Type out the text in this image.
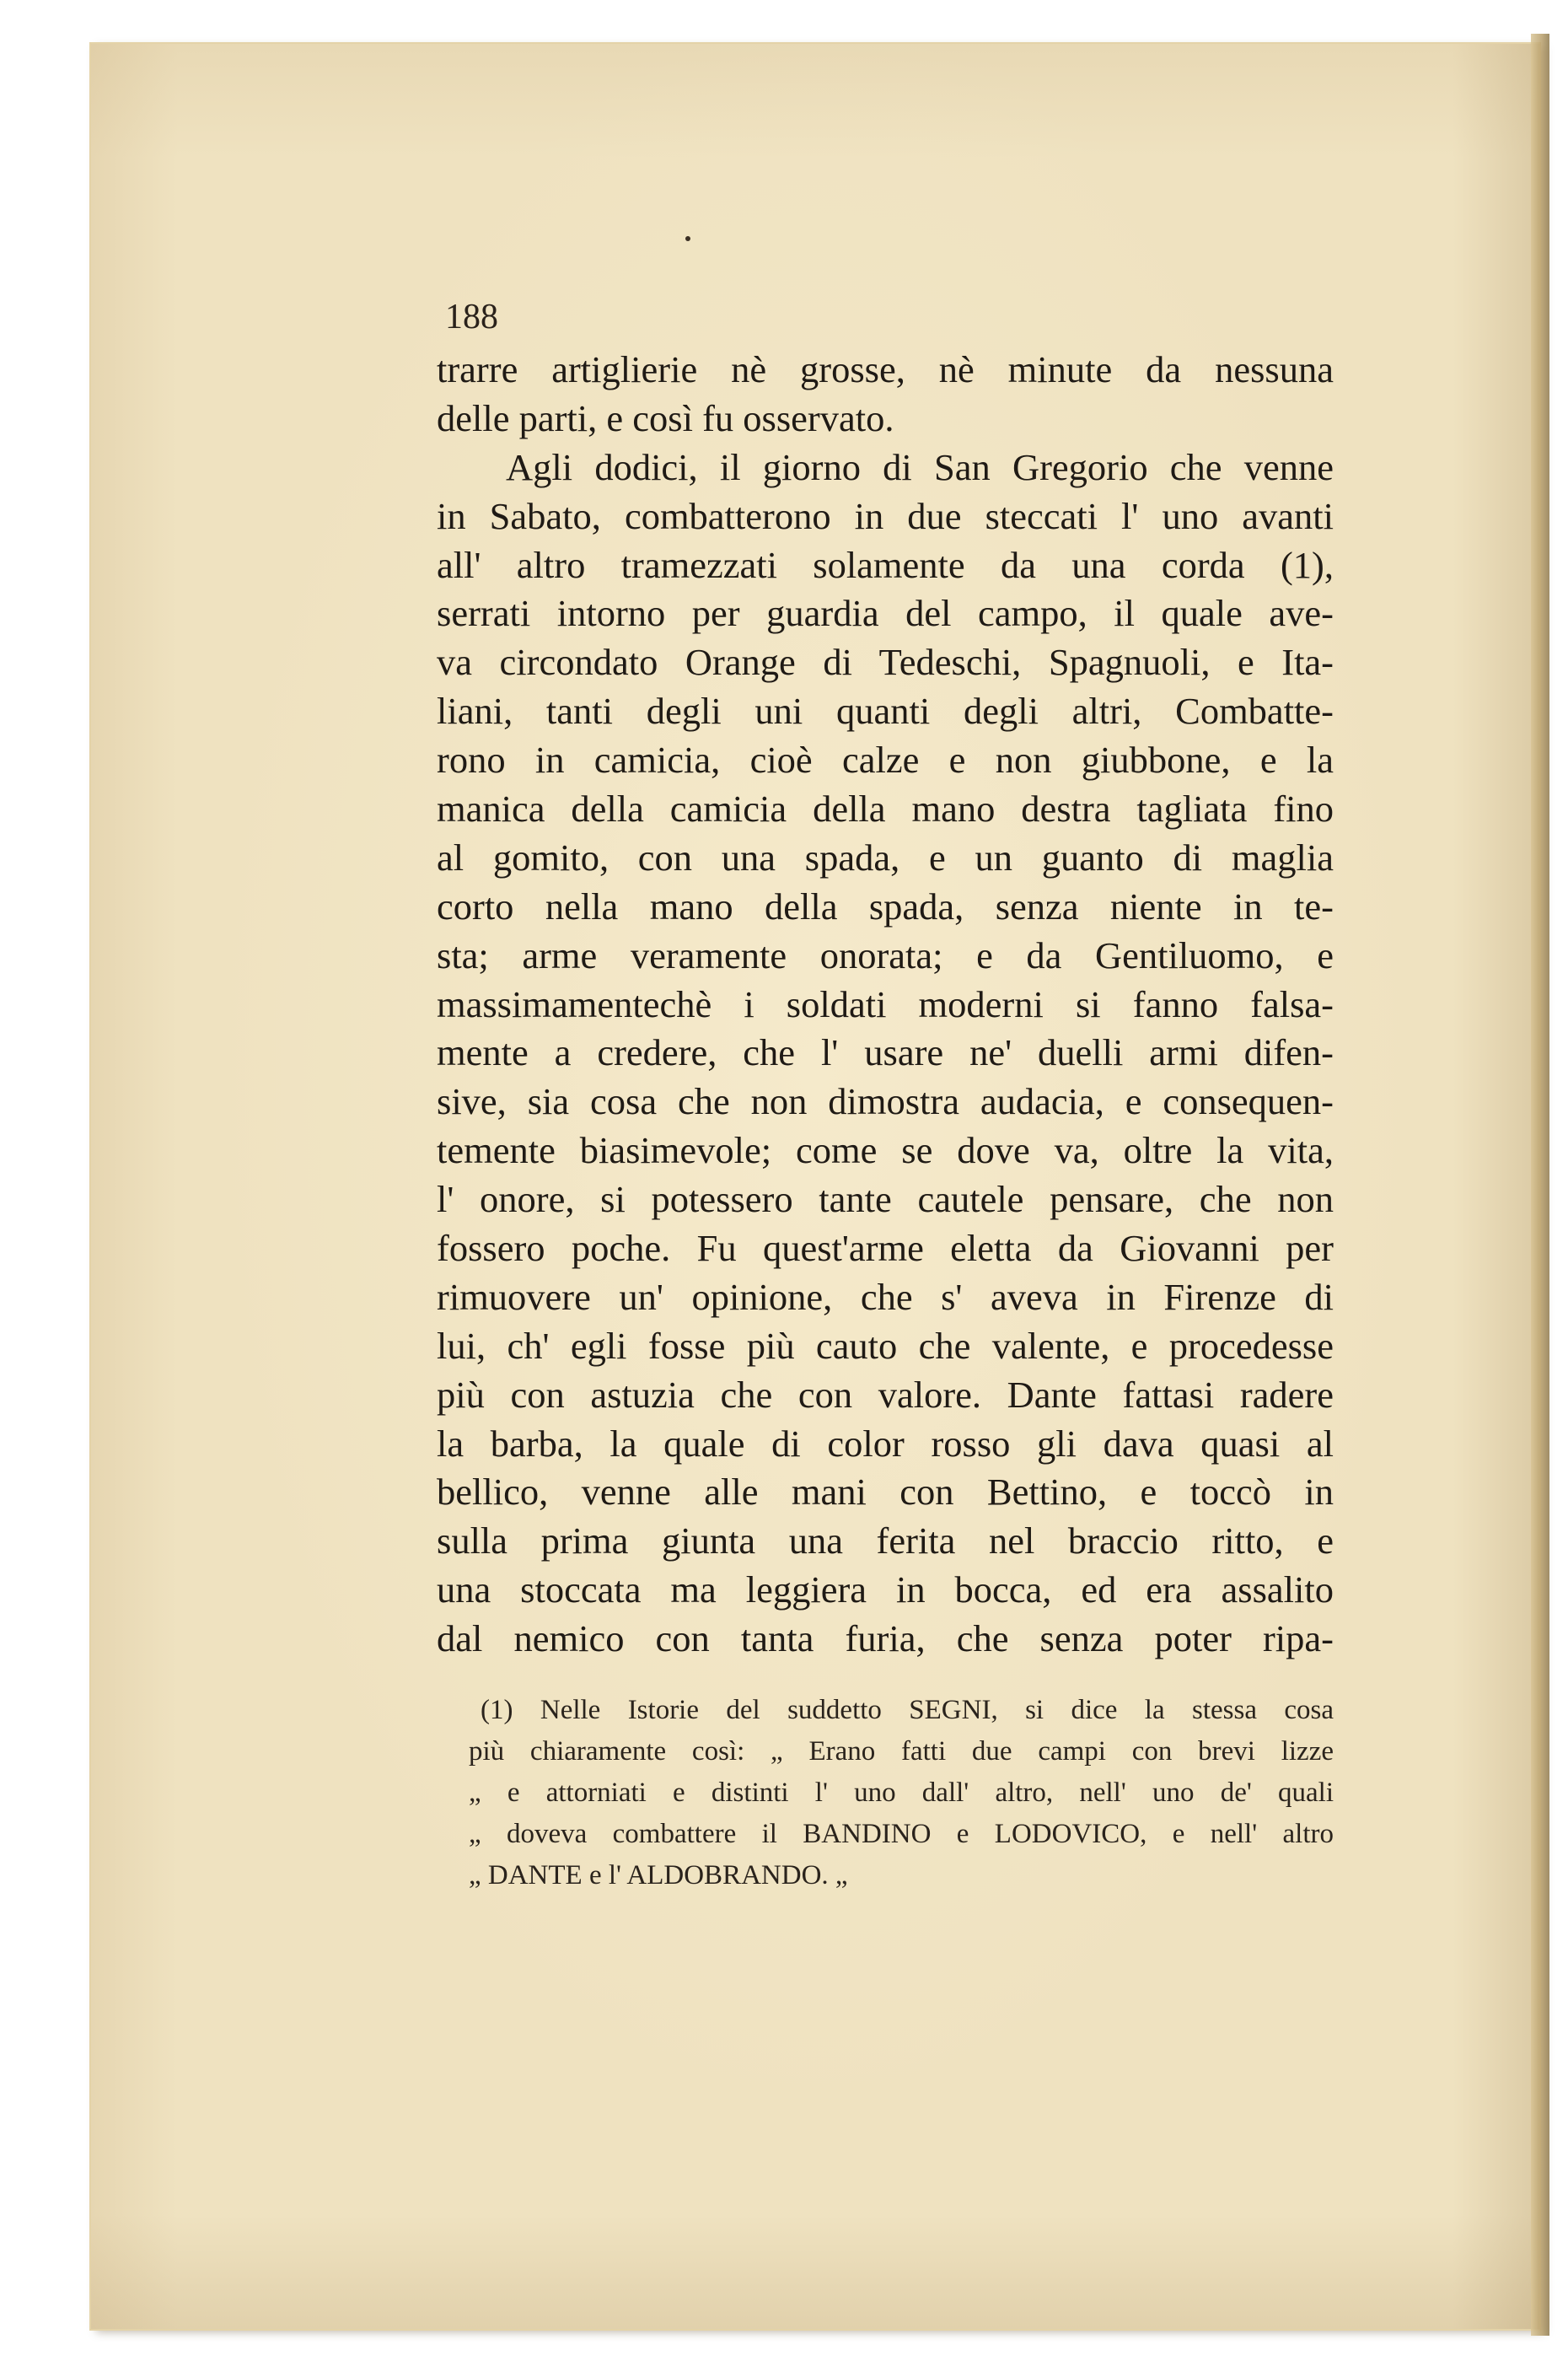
188

trarre artiglierie nè grosse, nè minute da nessuna
delle parti, e così fu osservato.
Agli dodici, il giorno di San Gregorio che venne
in Sabato, combatterono in due steccati l' uno avanti
all' altro tramezzati solamente da una corda (1),
serrati intorno per guardia del campo, il quale ave-
va circondato Orange di Tedeschi, Spagnuoli, e Ita-
liani, tanti degli uni quanti degli altri, Combatte-
rono in camicia, cioè calze e non giubbone, e la
manica della camicia della mano destra tagliata fino
al gomito, con una spada, e un guanto di maglia
corto nella mano della spada, senza niente in te-
sta; arme veramente onorata; e da Gentiluomo, e
massimamentechè i soldati moderni si fanno falsa-
mente a credere, che l' usare ne' duelli armi difen-
sive, sia cosa che non dimostra audacia, e consequen-
temente biasimevole; come se dove va, oltre la vita,
l' onore, si potessero tante cautele pensare, che non
fossero poche. Fu quest'arme eletta da Giovanni per
rimuovere un' opinione, che s' aveva in Firenze di
lui, ch' egli fosse più cauto che valente, e procedesse
più con astuzia che con valore. Dante fattasi radere
la barba, la quale di color rosso gli dava quasi al
bellico, venne alle mani con Bettino, e toccò in
sulla prima giunta una ferita nel braccio ritto, e
una stoccata ma leggiera in bocca, ed era assalito
dal nemico con tanta furia, che senza poter ripa-
(1) Nelle Istorie del suddetto SEGNI, si dice la stessa cosa
più chiaramente così: „ Erano fatti due campi con brevi lizze
„ e attorniati e distinti l' uno dall' altro, nell' uno de' quali
„ doveva combattere il BANDINO e LODOVICO, e nell' altro
„ DANTE e l' ALDOBRANDO. „
